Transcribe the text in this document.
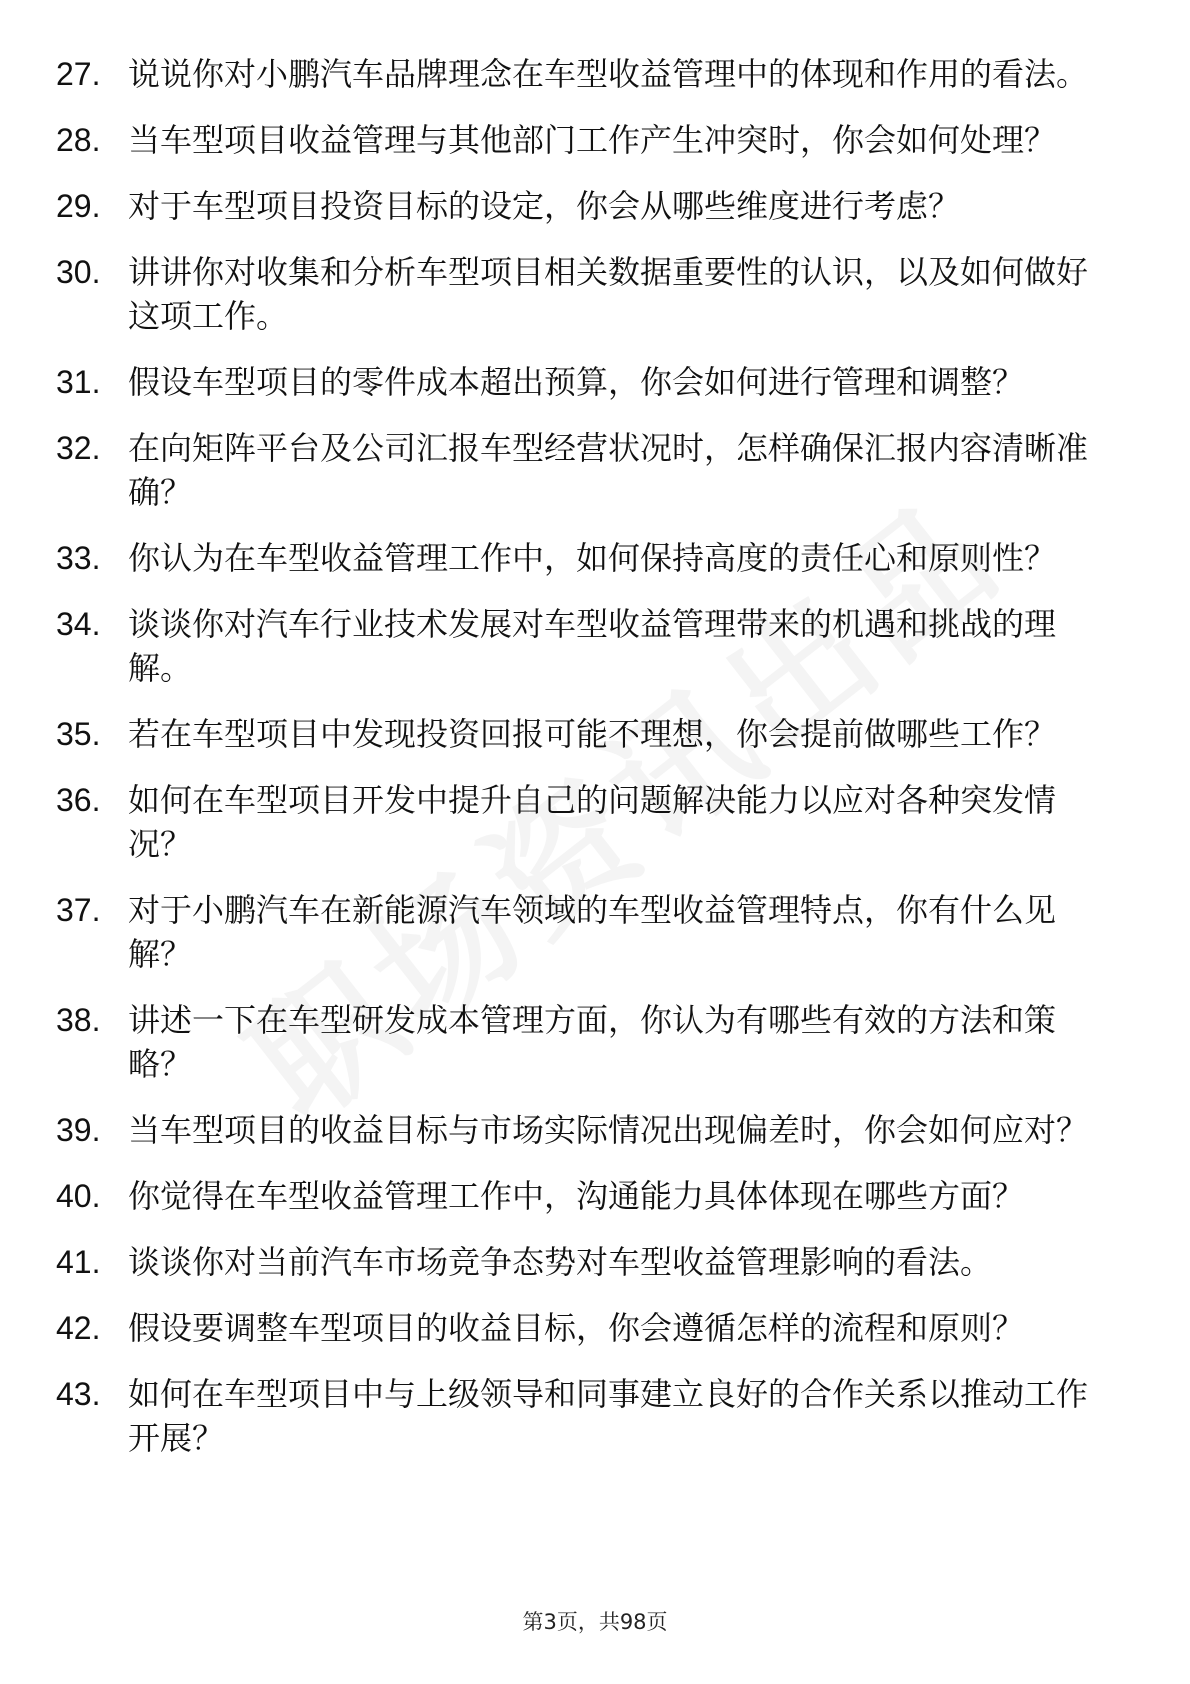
27. 说说你对小鹏汽车品牌理念在车型收益管理中的体现和作用的看法。
28. 当车型项目收益管理与其他部门工作产生冲突时，你会如何处理？
29. 对于车型项目投资目标的设定，你会从哪些维度进行考虑？
30. 讲讲你对收集和分析车型项目相关数据重要性的认识，以及如何做好这项工作。
31. 假设车型项目的零件成本超出预算，你会如何进行管理和调整？
32. 在向矩阵平台及公司汇报车型经营状况时，怎样确保汇报内容清晰准确？
33. 你认为在车型收益管理工作中，如何保持高度的责任心和原则性？
34. 谈谈你对汽车行业技术发展对车型收益管理带来的机遇和挑战的理解。
35. 若在车型项目中发现投资回报可能不理想，你会提前做哪些工作？
36. 如何在车型项目开发中提升自己的问题解决能力以应对各种突发情况？
37. 对于小鹏汽车在新能源汽车领域的车型收益管理特点，你有什么见解？
38. 讲述一下在车型研发成本管理方面，你认为有哪些有效的方法和策略？
39. 当车型项目的收益目标与市场实际情况出现偏差时，你会如何应对？
40. 你觉得在车型收益管理工作中，沟通能力具体体现在哪些方面？
41. 谈谈你对当前汽车市场竞争态势对车型收益管理影响的看法。
42. 假设要调整车型项目的收益目标，你会遵循怎样的流程和原则？
43. 如何在车型项目中与上级领导和同事建立良好的合作关系以推动工作开展？
第3页，共98页
